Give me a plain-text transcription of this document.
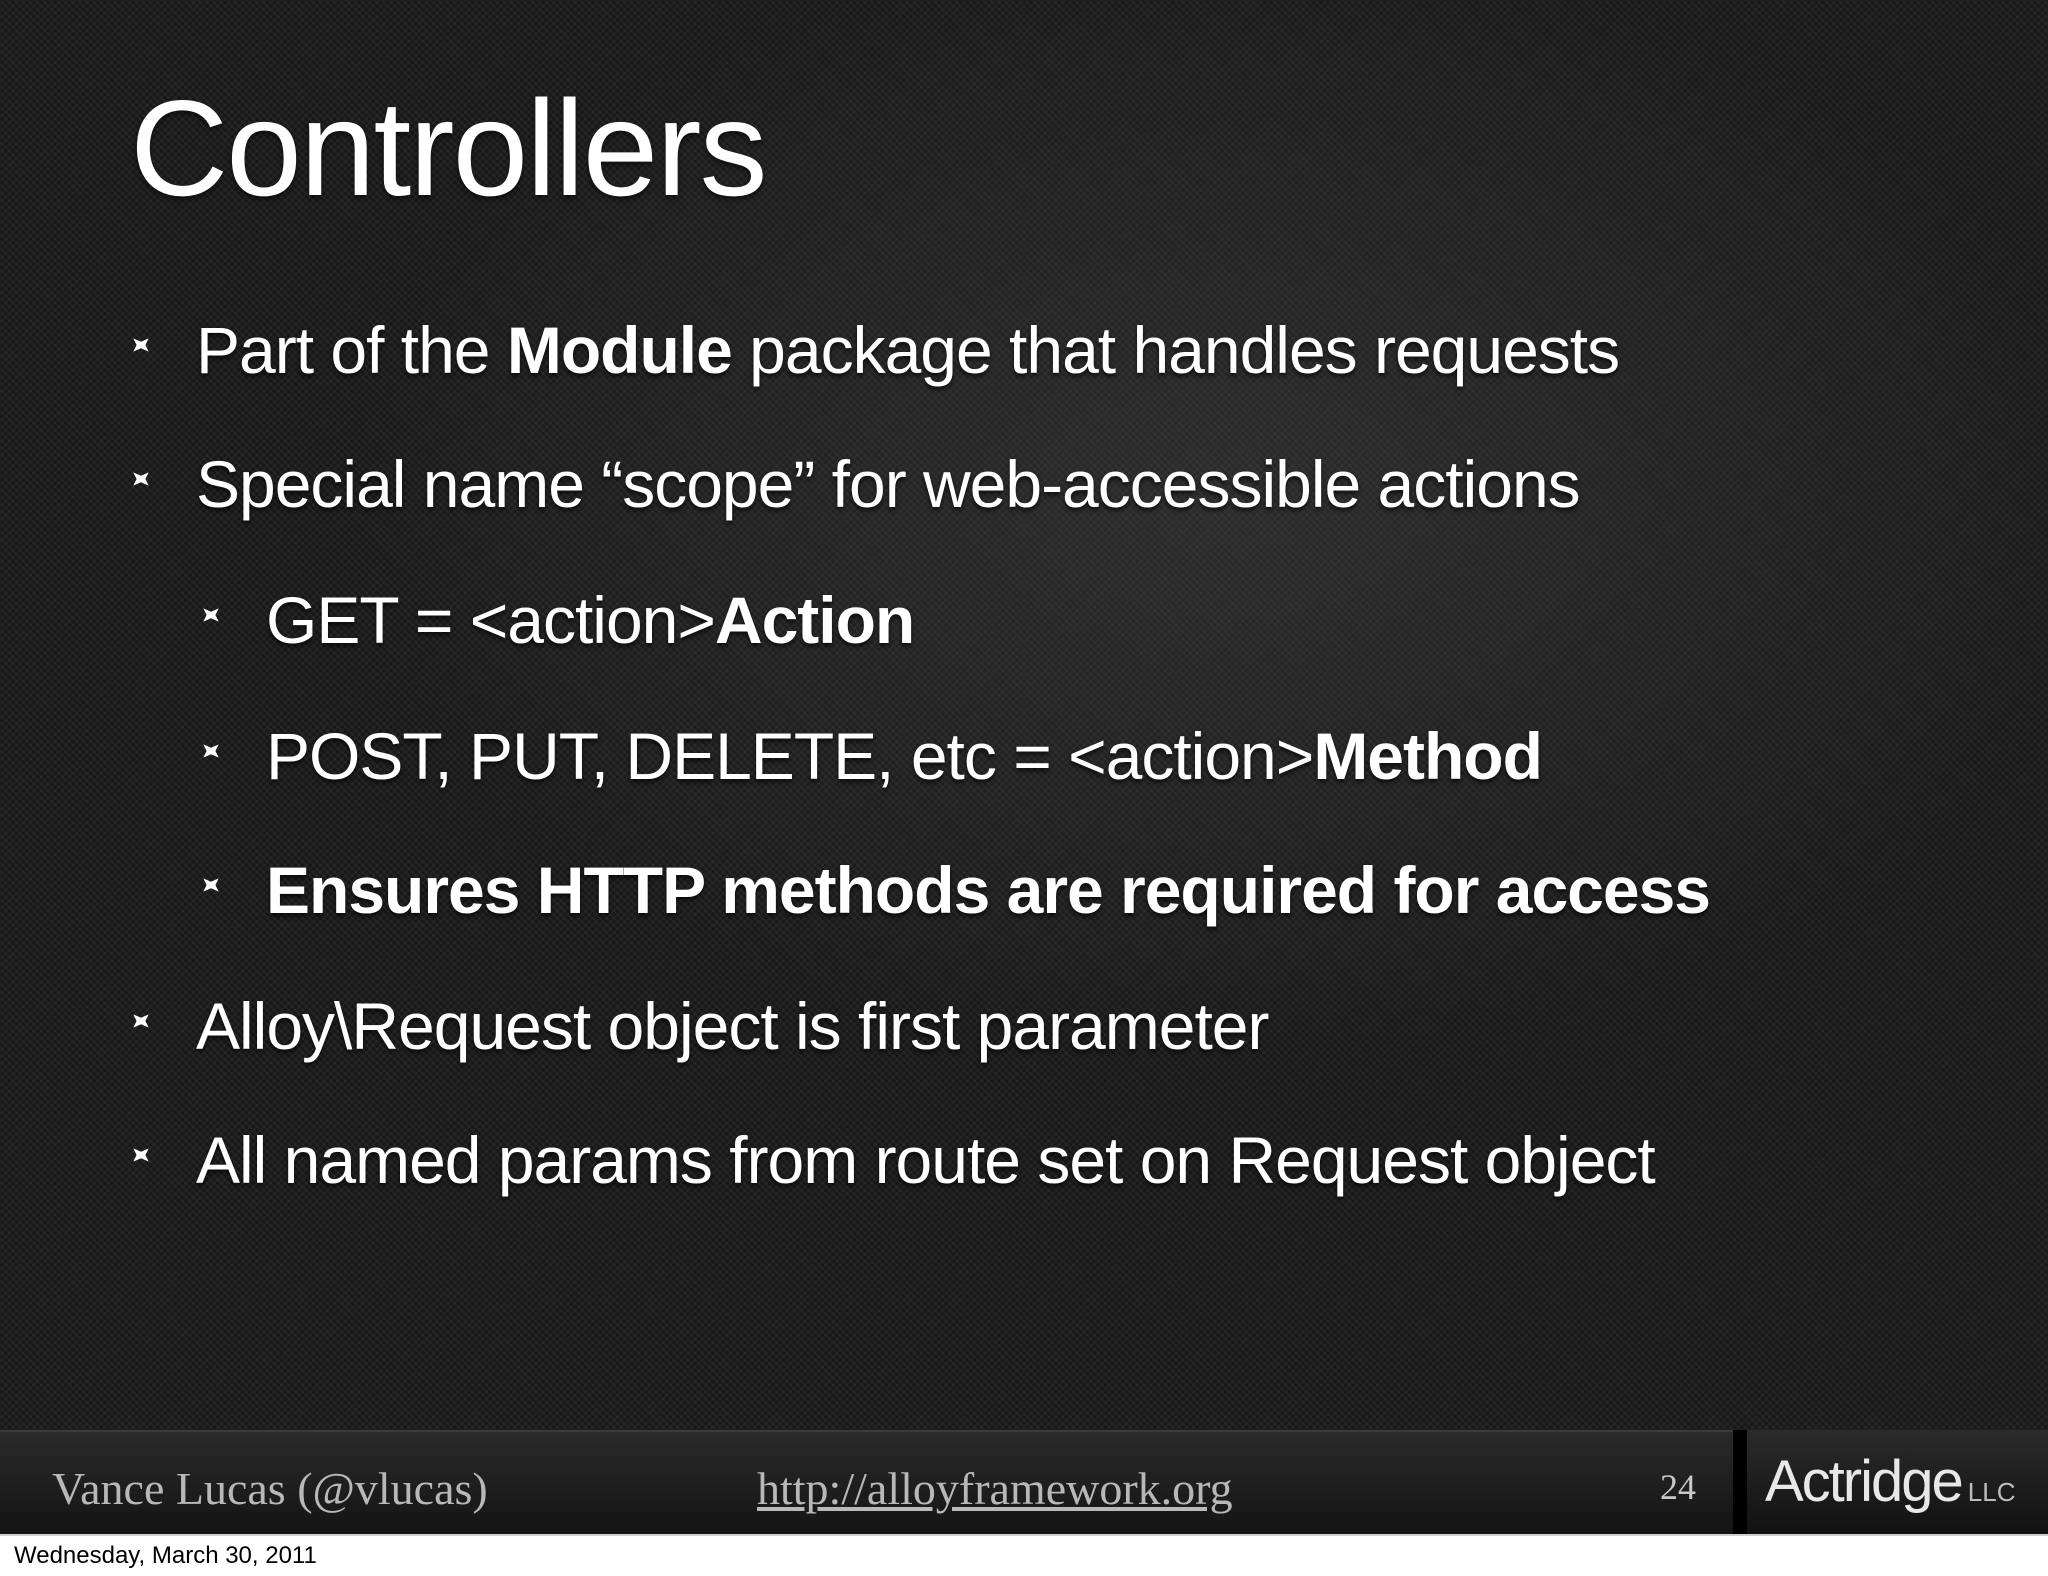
Controllers
Part of the Module package that handles requests
Special name “scope” for web-accessible actions
GET = <action>Action
POST, PUT, DELETE, etc = <action>Method
Ensures HTTP methods are required for access
Alloy\Request object is first parameter
All named params from route set on Request object
Vance Lucas (@vlucas)	http://alloyframework.org	24 Actridge LLC
Wednesday, March 30, 2011
